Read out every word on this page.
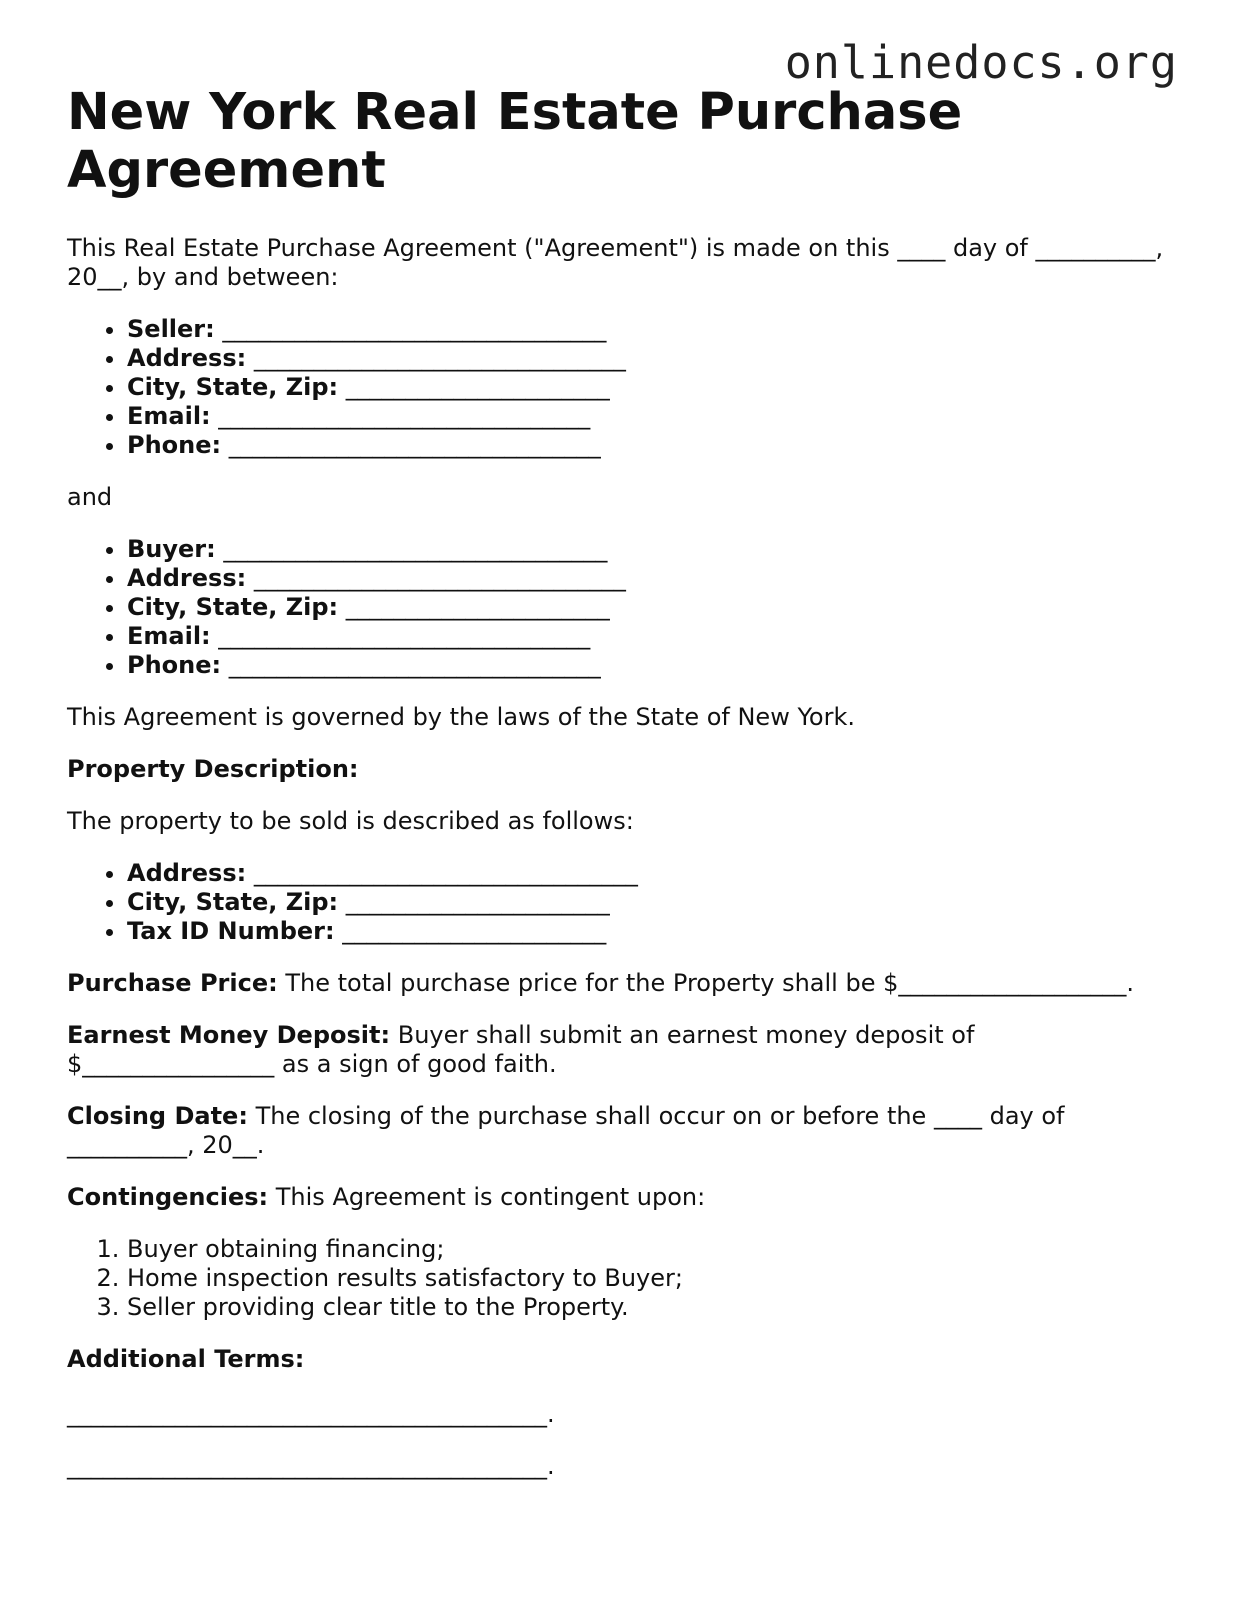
onlinedocs.org
New York Real Estate Purchase Agreement

This Real Estate Purchase Agreement ("Agreement") is made on this ____ day of __________, 20__, by and between:

• Seller: ________________________________
• Address: _______________________________
• City, State, Zip: ______________________
• Email: _______________________________
• Phone: _______________________________

and

• Buyer: ________________________________
• Address: _______________________________
• City, State, Zip: ______________________
• Email: _______________________________
• Phone: _______________________________

This Agreement is governed by the laws of the State of New York.

Property Description:

The property to be sold is described as follows:

• Address: ________________________________
• City, State, Zip: ______________________
• Tax ID Number: ______________________

Purchase Price: The total purchase price for the Property shall be $___________________.

Earnest Money Deposit: Buyer shall submit an earnest money deposit of $________________ as a sign of good faith.

Closing Date: The closing of the purchase shall occur on or before the ____ day of __________, 20__.

Contingencies: This Agreement is contingent upon:

1. Buyer obtaining financing;
2. Home inspection results satisfactory to Buyer;
3. Seller providing clear title to the Property.

Additional Terms:

________________________________________.

________________________________________.
